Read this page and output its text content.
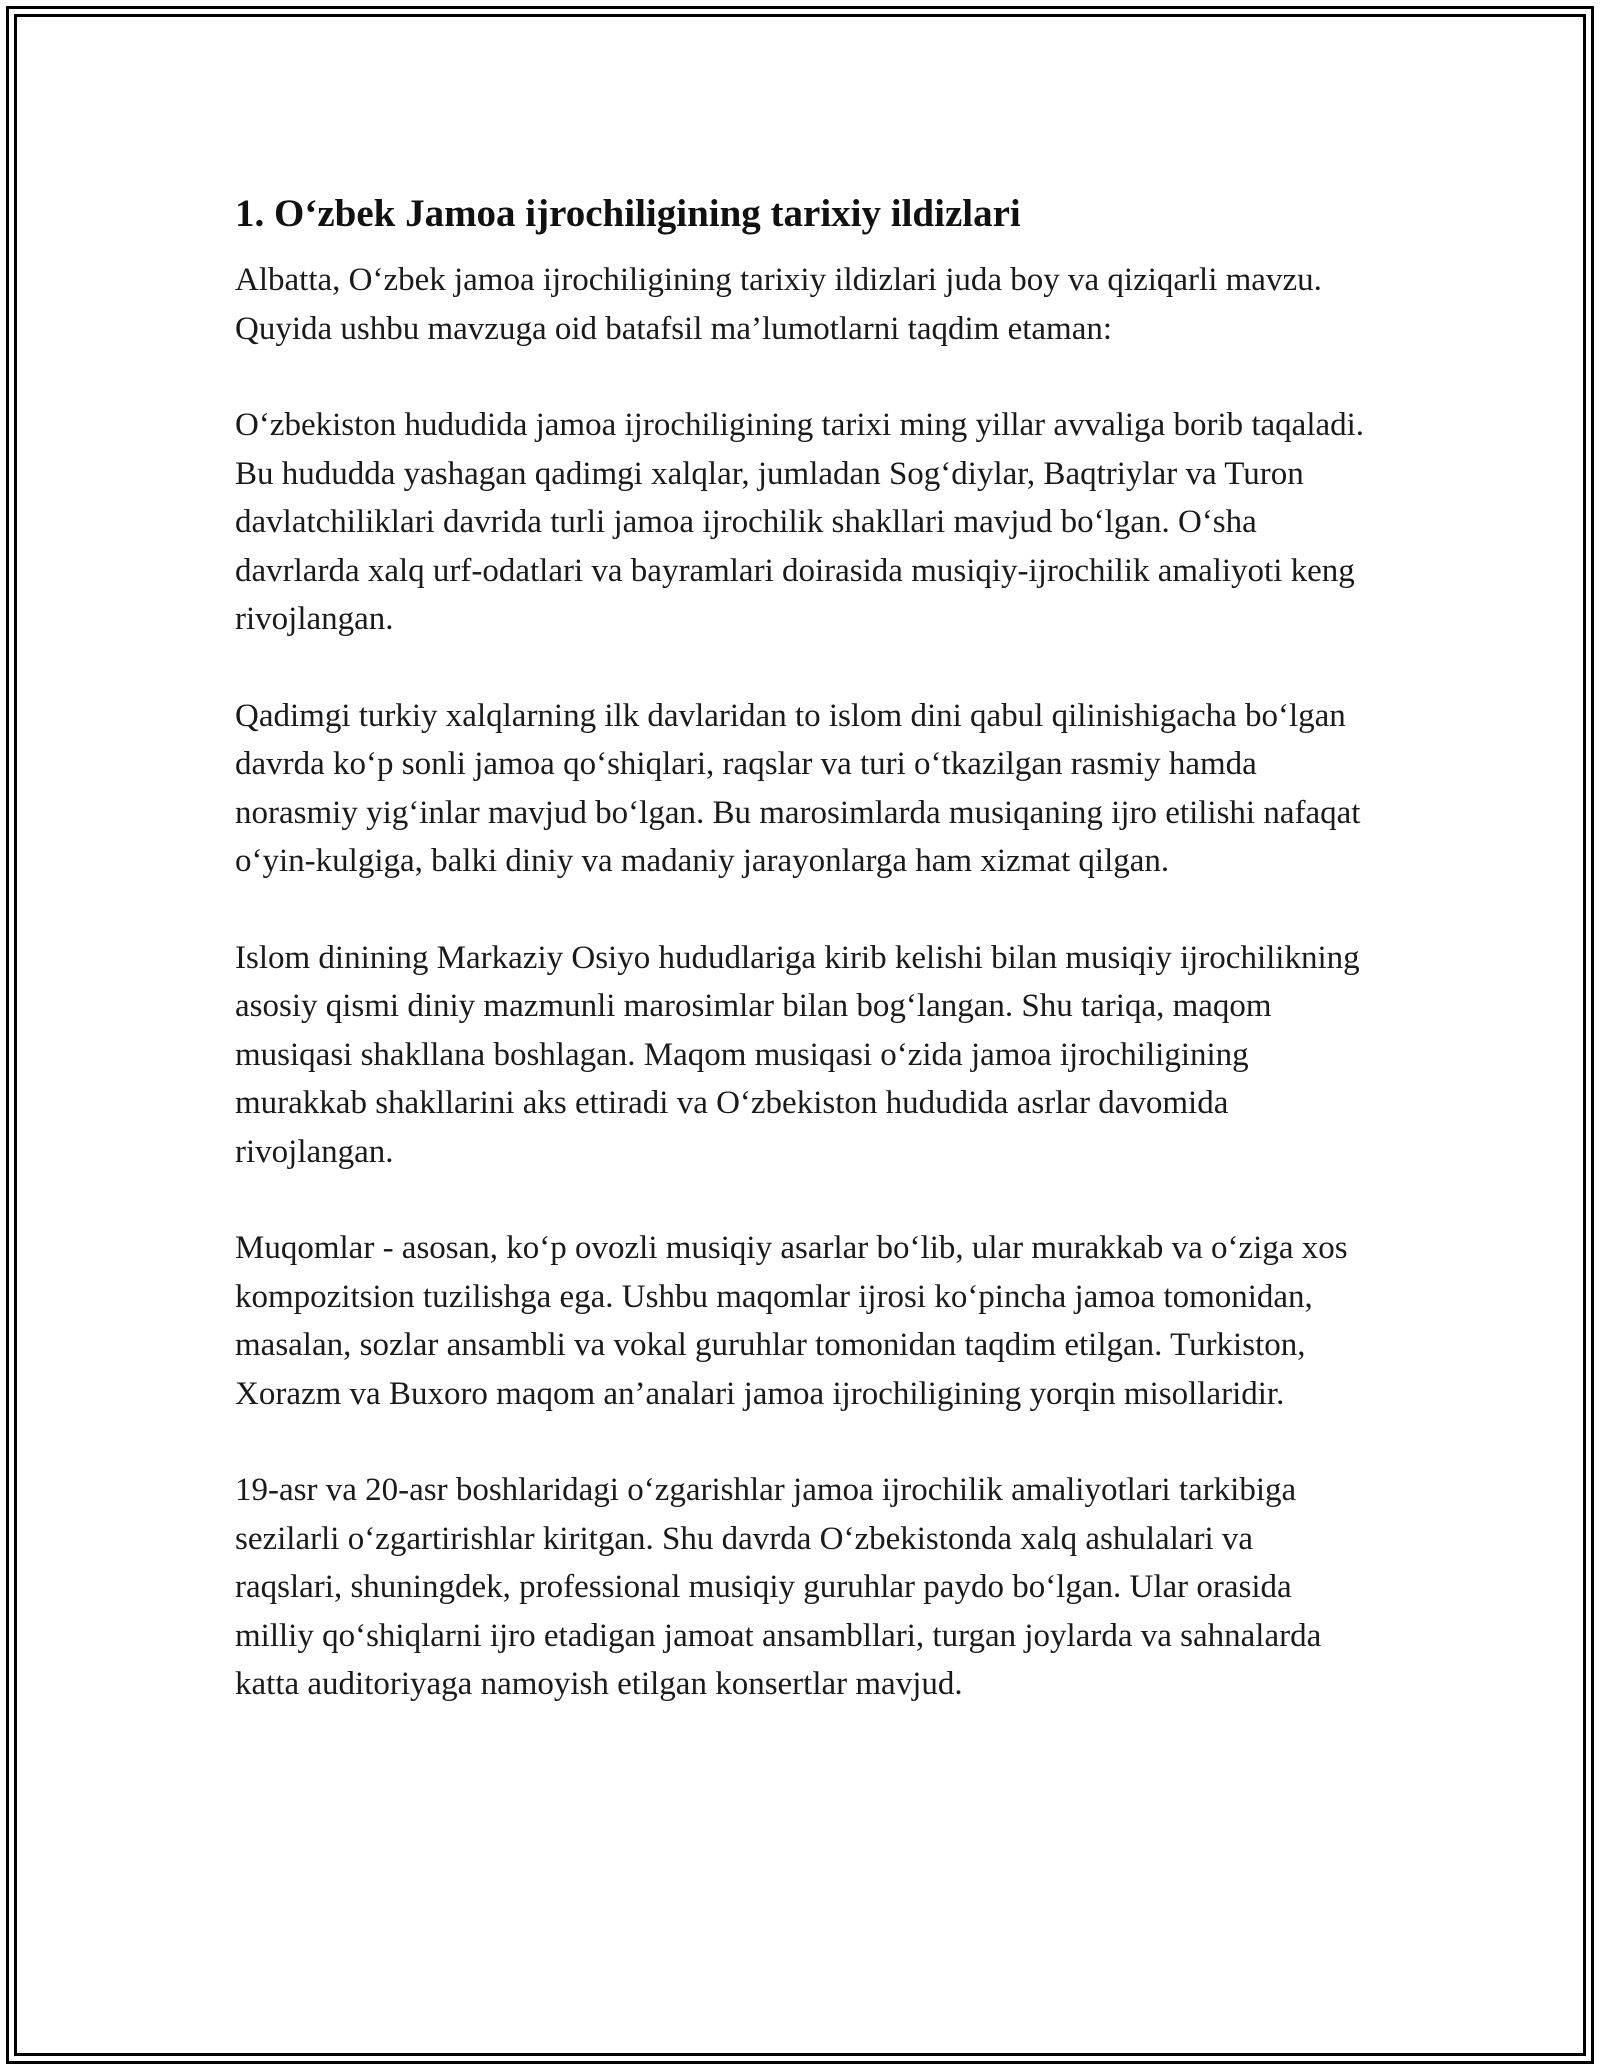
1. O‘zbek Jamoa ijrochiligining tarixiy ildizlari

Albatta, O‘zbek jamoa ijrochiligining tarixiy ildizlari juda boy va qiziqarli mavzu. Quyida ushbu mavzuga oid batafsil ma’lumotlarni taqdim etaman:

O‘zbekiston hududida jamoa ijrochiligining tarixi ming yillar avvaliga borib taqaladi. Bu hududda yashagan qadimgi xalqlar, jumladan Sog‘diylar, Baqtriylar va Turon davlatchiliklari davrida turli jamoa ijrochilik shakllari mavjud bo‘lgan. O‘sha davrlarda xalq urf-odatlari va bayramlari doirasida musiqiy-ijrochilik amaliyoti keng rivojlangan.

Qadimgi turkiy xalqlarning ilk davlaridan to islom dini qabul qilinishigacha bo‘lgan davrda ko‘p sonli jamoa qo‘shiqlari, raqslar va turi o‘tkazilgan rasmiy hamda norasmiy yig‘inlar mavjud bo‘lgan. Bu marosimlarda musiqaning ijro etilishi nafaqat o‘yin-kulgiga, balki diniy va madaniy jarayonlarga ham xizmat qilgan.

Islom dinining Markaziy Osiyo hududlariga kirib kelishi bilan musiqiy ijrochilikning asosiy qismi diniy mazmunli marosimlar bilan bog‘langan. Shu tariqa, maqom musiqasi shakllana boshlagan. Maqom musiqasi o‘zida jamoa ijrochiligining murakkab shakllarini aks ettiradi va O‘zbekiston hududida asrlar davomida rivojlangan.

Muqomlar - asosan, ko‘p ovozli musiqiy asarlar bo‘lib, ular murakkab va o‘ziga xos kompozitsion tuzilishga ega. Ushbu maqomlar ijrosi ko‘pincha jamoa tomonidan, masalan, sozlar ansambli va vokal guruhlar tomonidan taqdim etilgan. Turkiston, Xorazm va Buxoro maqom an’analari jamoa ijrochiligining yorqin misollaridir.

19-asr va 20-asr boshlaridagi o‘zgarishlar jamoa ijrochilik amaliyotlari tarkibiga sezilarli o‘zgartirishlar kiritgan. Shu davrda O‘zbekistonda xalq ashulalari va raqslari, shuningdek, professional musiqiy guruhlar paydo bo‘lgan. Ular orasida milliy qo‘shiqlarni ijro etadigan jamoat ansambllari, turgan joylarda va sahnalarda katta auditoriyaga namoyish etilgan konsertlar mavjud.
